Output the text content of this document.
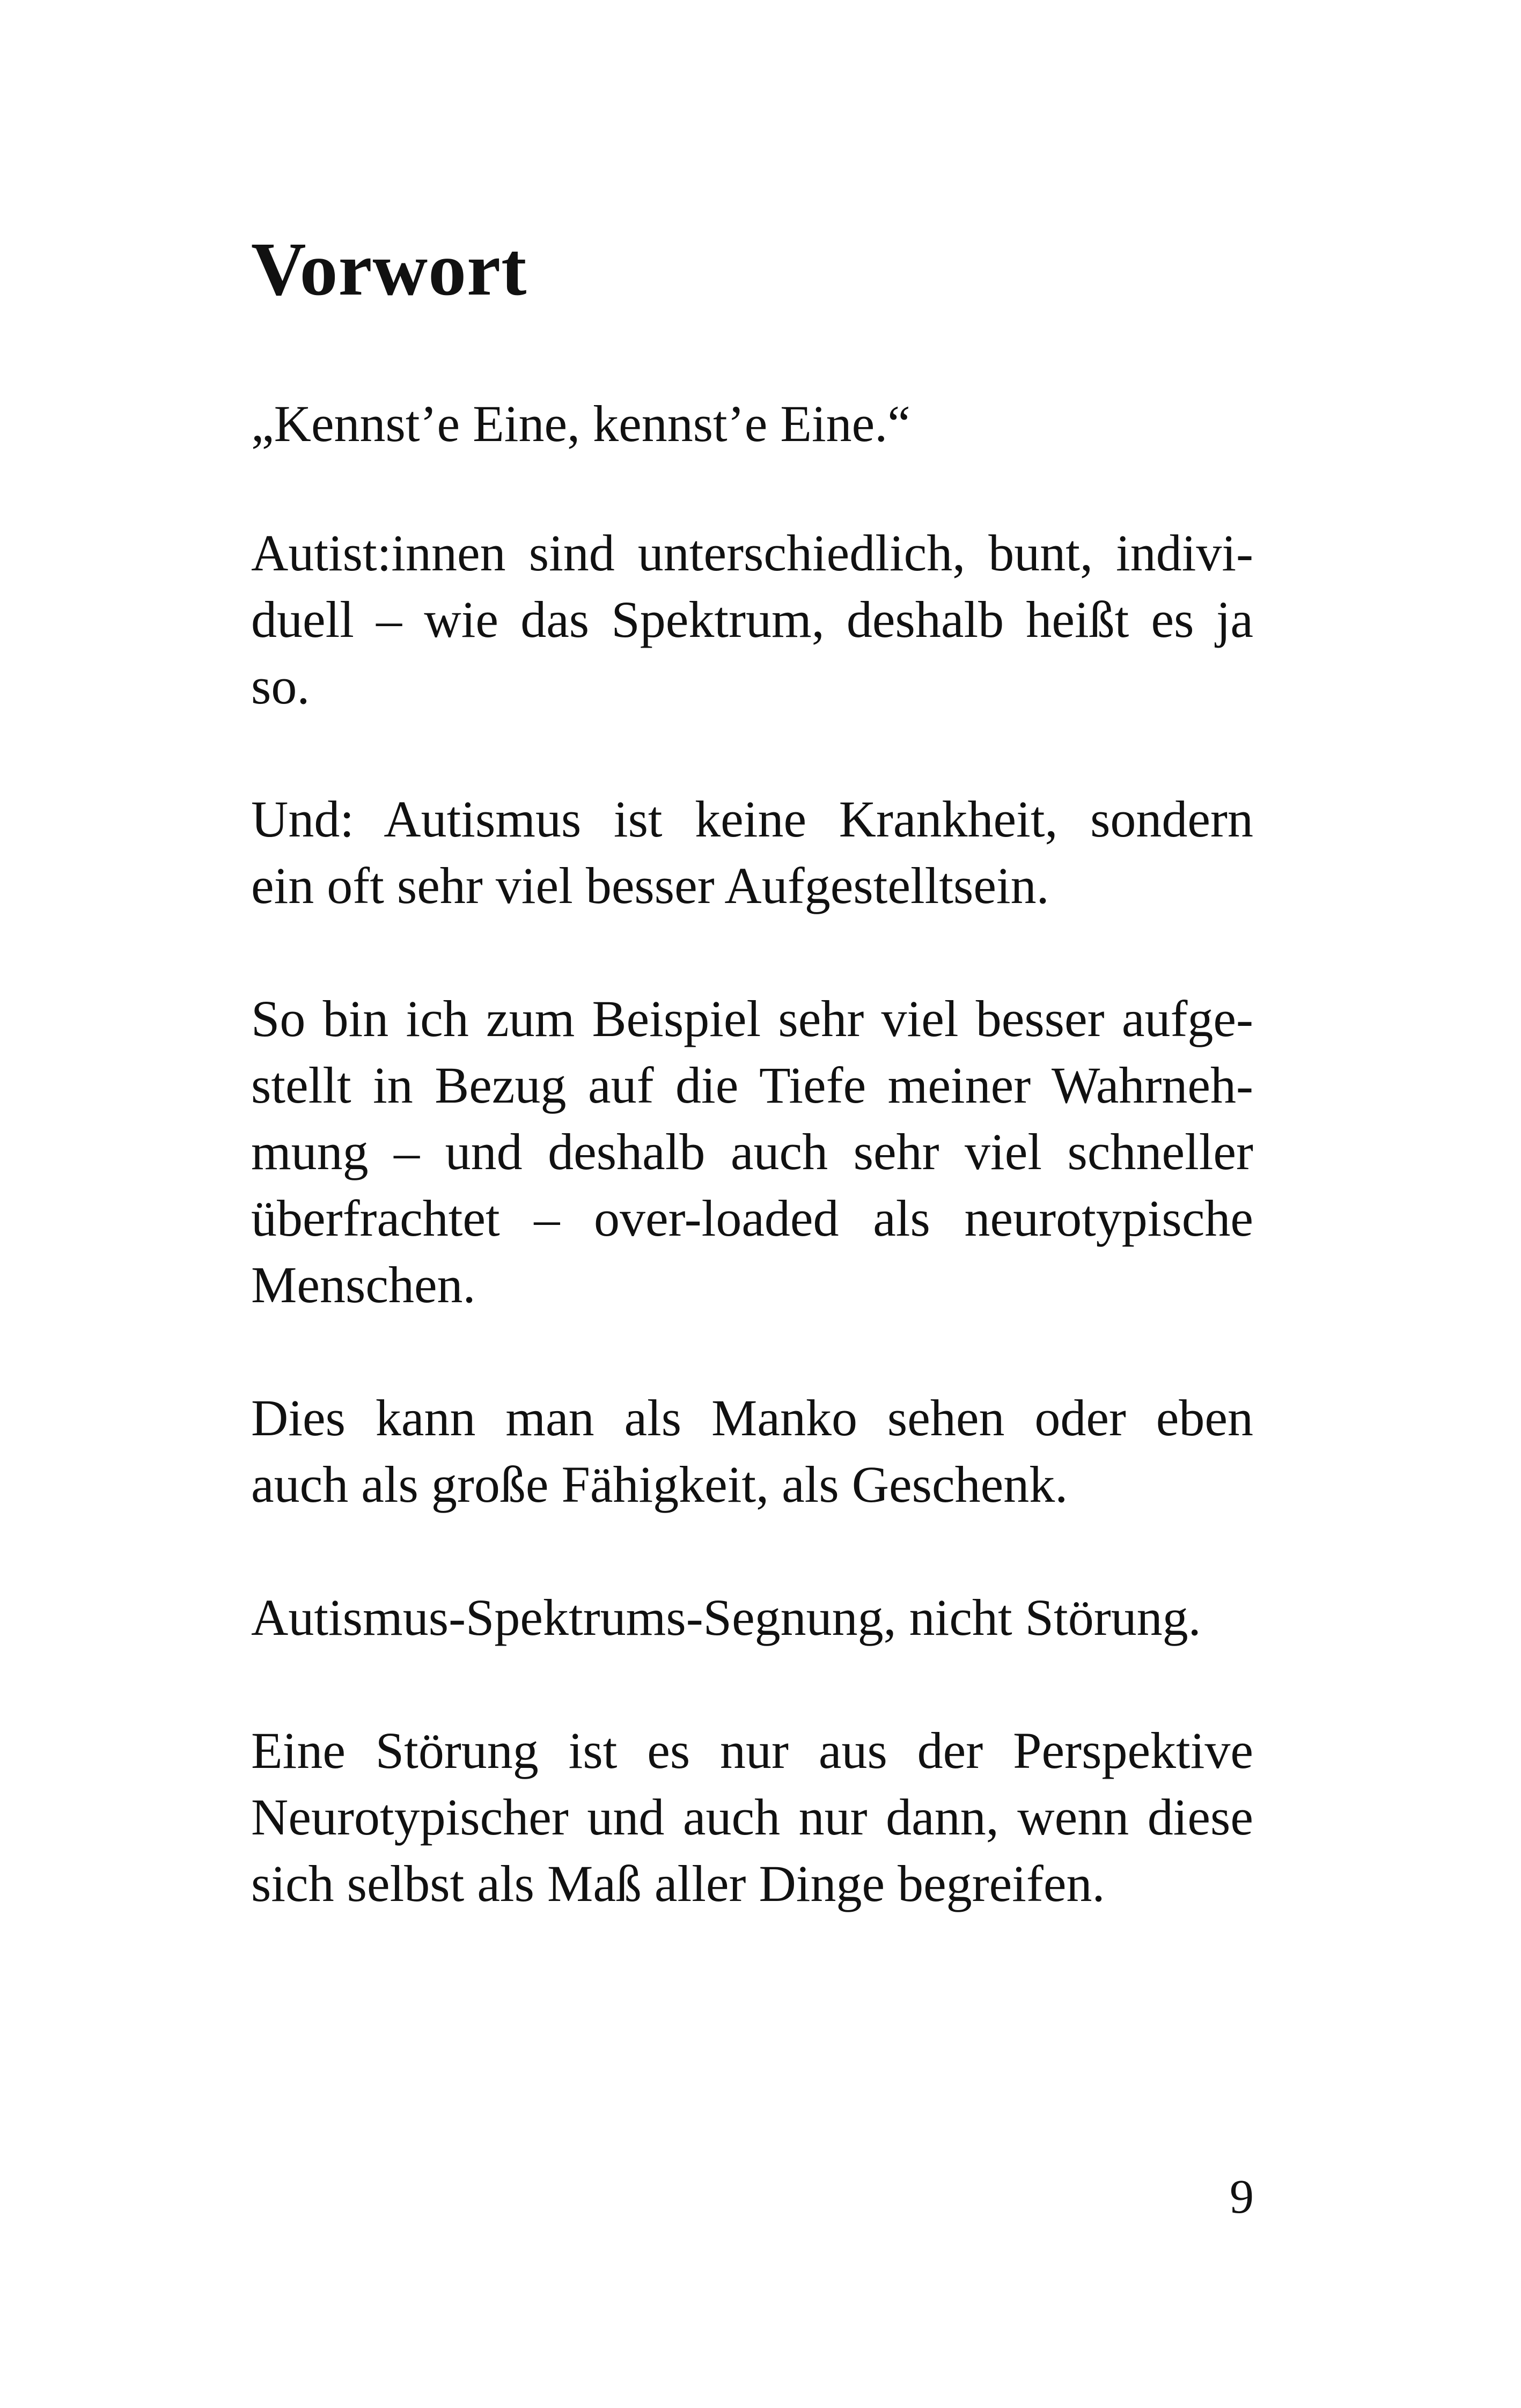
Vorwort

„Kennst’e Eine, kennst’e Eine.“

Autist:innen sind unterschiedlich, bunt, indivi-
duell – wie das Spektrum, deshalb heißt es ja
so.

Und: Autismus ist keine Krankheit, sondern
ein oft sehr viel besser Aufgestelltsein.

So bin ich zum Beispiel sehr viel besser aufge-
stellt in Bezug auf die Tiefe meiner Wahrneh-
mung – und deshalb auch sehr viel schneller
überfrachtet – over-loaded als neurotypische
Menschen.

Dies kann man als Manko sehen oder eben
auch als große Fähigkeit, als Geschenk.

Autismus-Spektrums-Segnung, nicht Störung.

Eine Störung ist es nur aus der Perspektive
Neurotypischer und auch nur dann, wenn diese
sich selbst als Maß aller Dinge begreifen.

9
